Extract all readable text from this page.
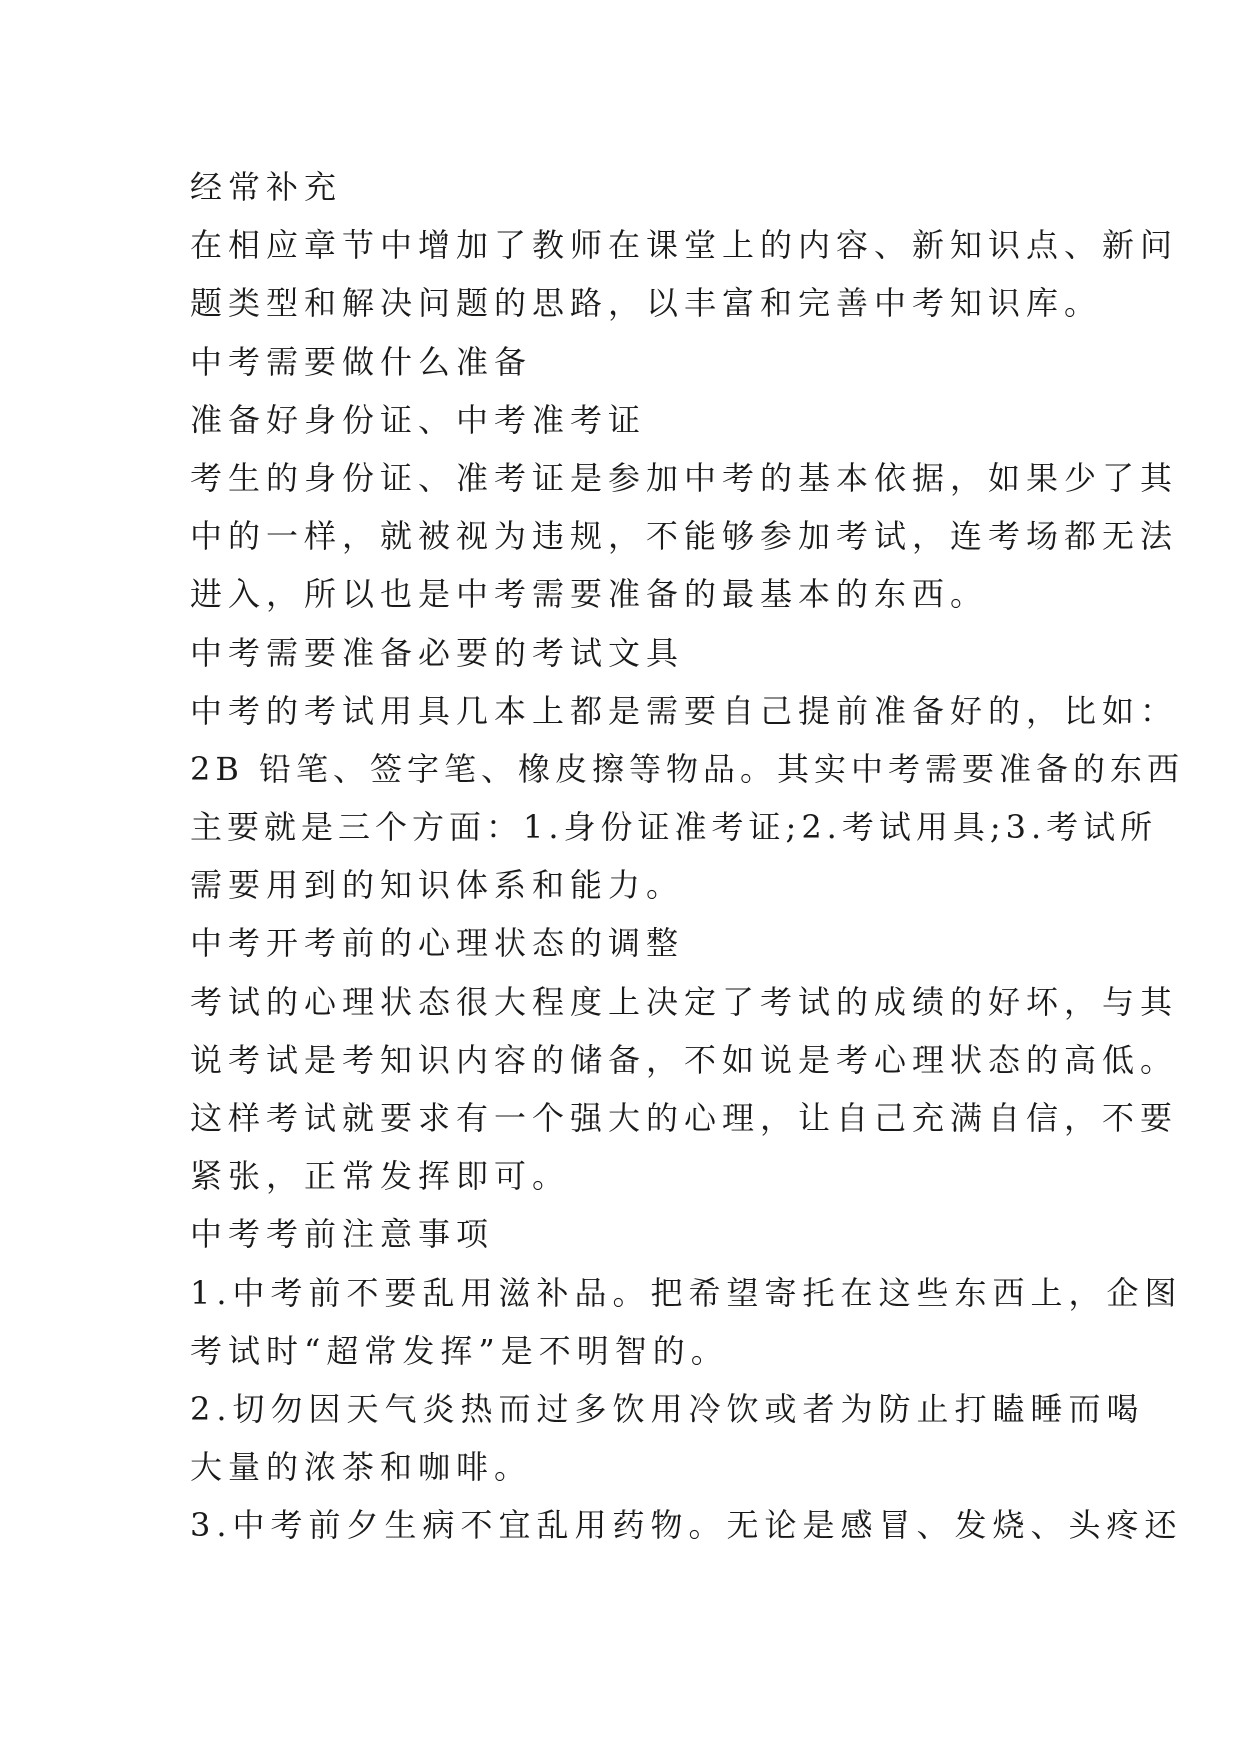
经常补充
在相应章节中增加了教师在课堂上的内容、新知识点、新问
题类型和解决问题的思路，以丰富和完善中考知识库。
中考需要做什么准备
准备好身份证、中考准考证
考生的身份证、准考证是参加中考的基本依据，如果少了其
中的一样，就被视为违规，不能够参加考试，连考场都无法
进入，所以也是中考需要准备的最基本的东西。
中考需要准备必要的考试文具
中考的考试用具几本上都是需要自己提前准备好的，比如：
2B 铅笔、签字笔、橡皮擦等物品。其实中考需要准备的东西
主要就是三个方面：1.身份证准考证;2.考试用具;3.考试所
需要用到的知识体系和能力。
中考开考前的心理状态的调整
考试的心理状态很大程度上决定了考试的成绩的好坏，与其
说考试是考知识内容的储备，不如说是考心理状态的高低。
这样考试就要求有一个强大的心理，让自己充满自信，不要
紧张，正常发挥即可。
中考考前注意事项
1.中考前不要乱用滋补品。把希望寄托在这些东西上，企图
考试时“超常发挥”是不明智的。
2.切勿因天气炎热而过多饮用冷饮或者为防止打瞌睡而喝
大量的浓茶和咖啡。
3.中考前夕生病不宜乱用药物。无论是感冒、发烧、头疼还
